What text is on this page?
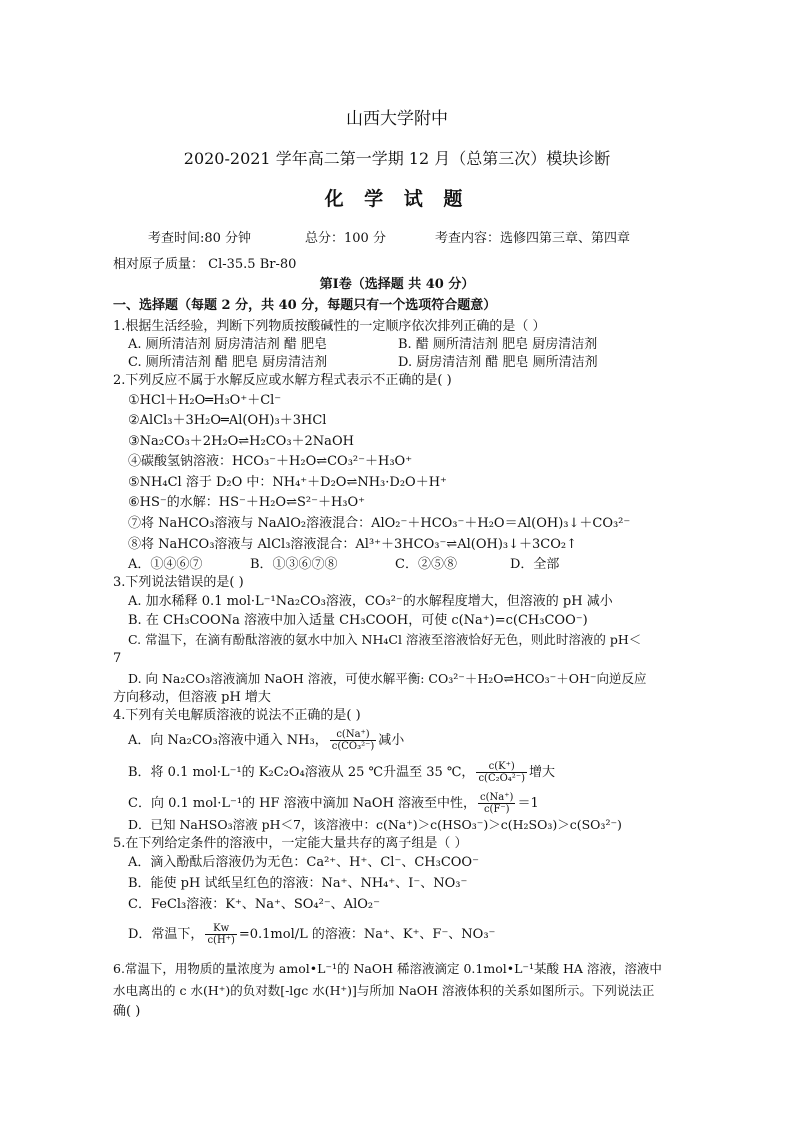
山西大学附中
2020-2021 学年高二第一学期 12 月（总第三次）模块诊断
化 学 试 题
考查时间:80 分钟	总分：100 分	考查内容：选修四第三章、第四章
相对原子质量： Cl-35.5 Br-80
第Ⅰ卷（选择题 共 40 分）
一、选择题（每题 2 分，共 40 分，每题只有一个选项符合题意）
1.根据生活经验，判断下列物质按酸碱性的一定顺序依次排列正确的是（ ）
A. 厕所清洁剂 厨房清洁剂 醋 肥皂	B. 醋 厕所清洁剂 肥皂 厨房清洁剂
C. 厕所清洁剂 醋 肥皂 厨房清洁剂	D. 厨房清洁剂 醋 肥皂 厕所清洁剂
2.下列反应不属于水解反应或水解方程式表示不正确的是( )
①HCl＋H₂O═H₃O⁺＋Cl⁻
②AlCl₃＋3H₂O═Al(OH)₃＋3HCl
③Na₂CO₃＋2H₂O⇌H₂CO₃＋2NaOH
④碳酸氢钠溶液：HCO₃⁻＋H₂O⇌CO₃²⁻＋H₃O⁺
⑤NH₄Cl 溶于 D₂O 中：NH₄⁺＋D₂O⇌NH₃·D₂O＋H⁺
⑥HS⁻的水解：HS⁻＋H₂O⇌S²⁻＋H₃O⁺
⑦将 NaHCO₃溶液与 NaAlO₂溶液混合：AlO₂⁻＋HCO₃⁻＋H₂O＝Al(OH)₃↓＋CO₃²⁻
⑧将 NaHCO₃溶液与 AlCl₃溶液混合：Al³⁺＋3HCO₃⁻⇌Al(OH)₃↓＋3CO₂↑
A．①④⑥⑦	B．①③⑥⑦⑧	C．②⑤⑧	D．全部
3.下列说法错误的是( )
A. 加水稀释 0.1 mol·L⁻¹Na₂CO₃溶液，CO₃²⁻的水解程度增大，但溶液的 pH 减小
B. 在 CH₃COONa 溶液中加入适量 CH₃COOH，可使 c(Na⁺)=c(CH₃COO⁻)
C. 常温下，在滴有酚酞溶液的氨水中加入 NH₄Cl 溶液至溶液恰好无色，则此时溶液的 pH＜
7
D. 向 Na₂CO₃溶液滴加 NaOH 溶液，可使水解平衡: CO₃²⁻＋H₂O⇌HCO₃⁻＋OH⁻向逆反应
方向移动，但溶液 pH 增大
4.下列有关电解质溶液的说法不正确的是( )
A．向 Na₂CO₃溶液中通入 NH₃， $\frac{c(Na^+)}{\text{c(CO₃²⁻)}}$ 减小
B．将 0.1 mol·L⁻¹的 K₂C₂O₄溶液从 25 ℃升温至 35 ℃， $\frac{c(K^+)}{\text{c(C₂O₄²⁻)}}$ 增大
C．向 0.1 mol·L⁻¹的 HF 溶液中滴加 NaOH 溶液至中性， $\frac{c(Na^+)}{c(F^-)} =1$
D．已知 NaHSO₃溶液 pH＜7，该溶液中：c(Na⁺)＞c(HSO₃⁻)＞c(H₂SO₃)＞c(SO₃²⁻)
5.在下列给定条件的溶液中，一定能大量共存的离子组是（ ）
A．滴入酚酞后溶液仍为无色：Ca²⁺、H⁺、Cl⁻、CH₃COO⁻
B．能使 pH 试纸呈红色的溶液：Na⁺、NH₄⁺、I⁻、NO₃⁻
C．FeCl₃溶液：K⁺、Na⁺、SO₄²⁻、AlO₂⁻
D．常温下， $\frac{Kw}{c(H^+)} =0.1mol/L$ 的溶液：Na⁺、K⁺、F⁻、NO₃⁻
6.常温下，用物质的量浓度为 amol•L⁻¹的 NaOH 稀溶液滴定 0.1mol•L⁻¹某酸 HA 溶液，溶液中
水电离出的 c 水(H⁺)的负对数[-lgc 水(H⁺)]与所加 NaOH 溶液体积的关系如图所示。下列说法正
确( )
